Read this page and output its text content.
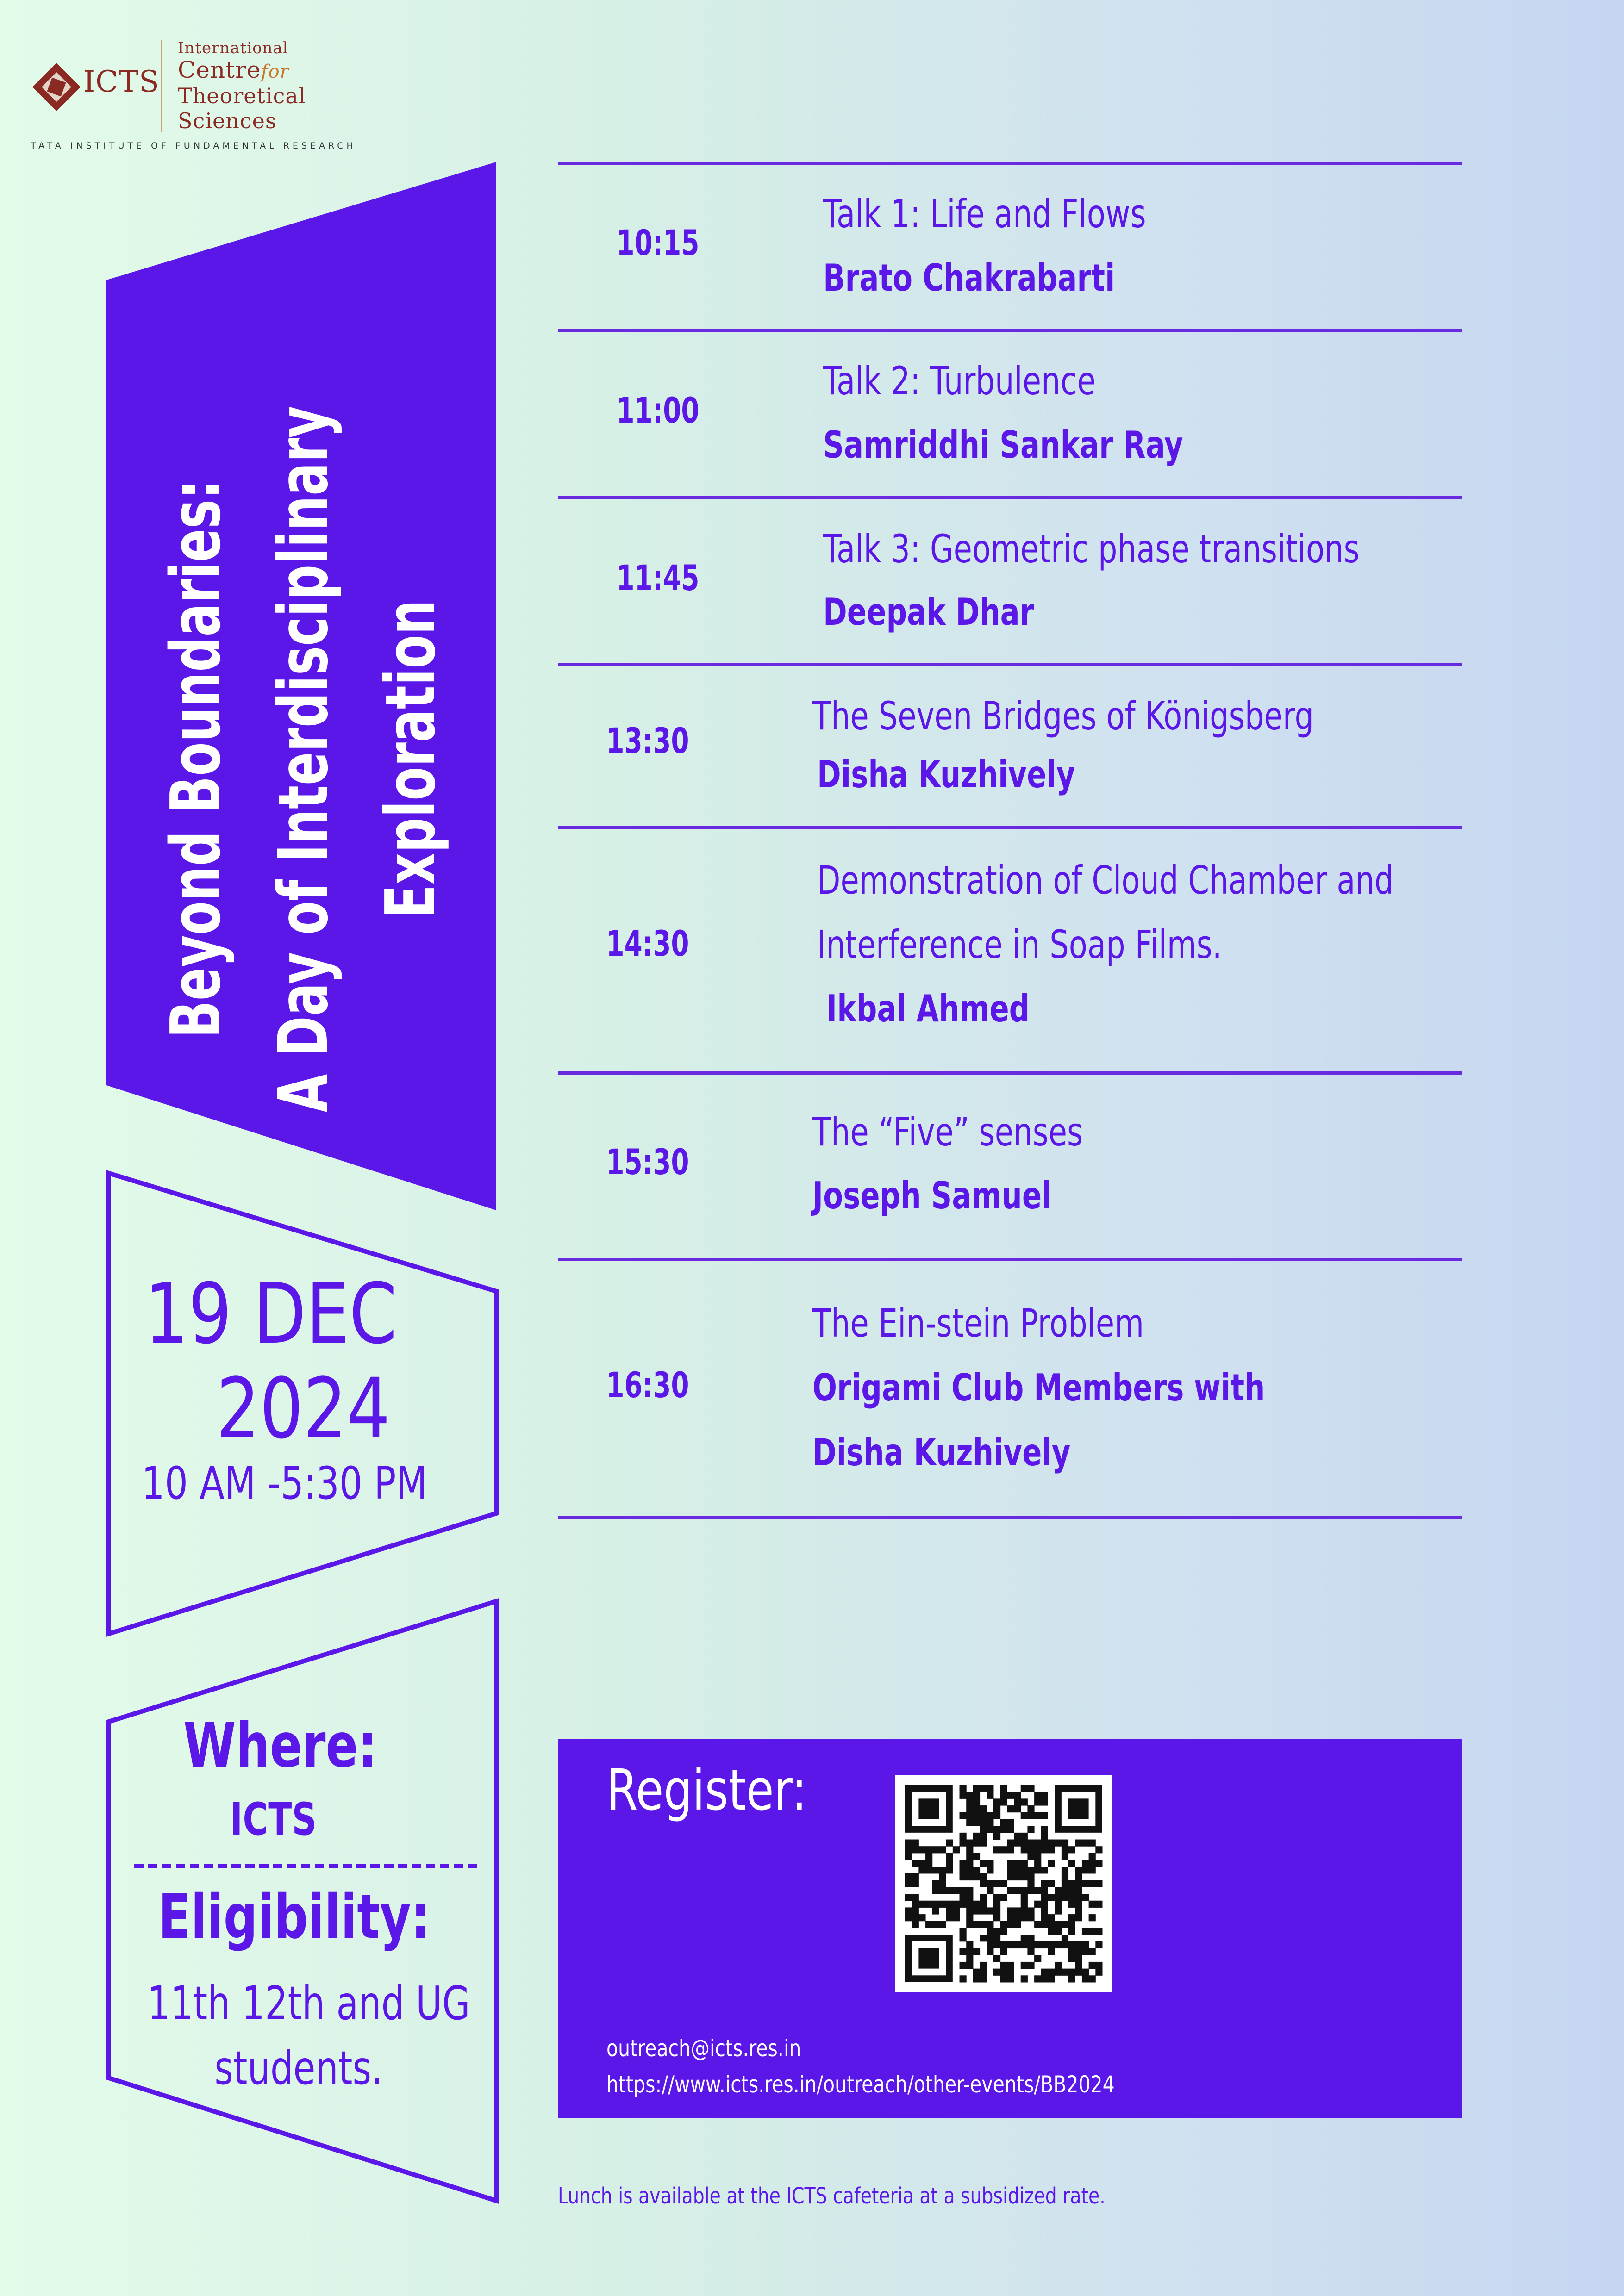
ICTS
International
Centrefor
Theoretical
Sciences
TATA INSTITUTE OF FUNDAMENTAL RESEARCH
Beyond Boundaries: A Day of Interdisciplinary Exploration
19 DEC
2024
10 AM -5:30 PM
Where:
ICTS
Eligibility:
11th 12th and UG
students.
10:15
Talk 1: Life and Flows
Brato Chakrabarti
11:00
Talk 2: Turbulence
Samriddhi Sankar Ray
11:45
Talk 3: Geometric phase transitions
Deepak Dhar
13:30
The Seven Bridges of Königsberg
Disha Kuzhively
14:30
Demonstration of Cloud Chamber and
Interference in Soap Films.
Ikbal Ahmed
15:30
The “Five” senses
Joseph Samuel
16:30
The Ein-stein Problem
Origami Club Members with
Disha Kuzhively
Register:
outreach@icts.res.in
https://www.icts.res.in/outreach/other-events/BB2024
Lunch is available at the ICTS cafeteria at a subsidized rate.
